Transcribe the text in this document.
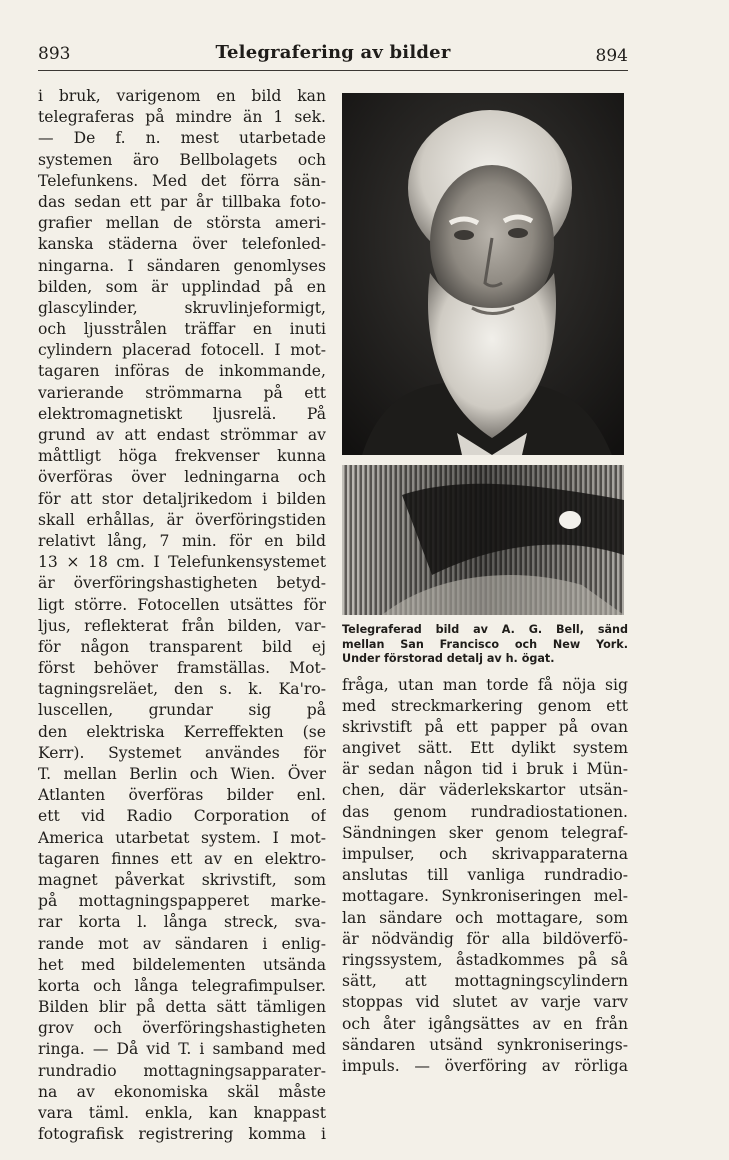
893	Telegrafering av bilder	894
i bruk, varigenom en bild kan
telegraferas på mindre än 1 sek.
— De f. n. mest utarbetade
systemen äro Bellbolagets och
Telefunkens. Med det förra sän-
das sedan ett par år tillbaka foto-
grafier mellan de största ameri-
kanska städerna över telefonled-
ningarna. I sändaren genomlyses
bilden, som är upplindad på en
glascylinder, skruvlinjeformigt,
och ljusstrålen träffar en inuti
cylindern placerad fotocell. I mot-
tagaren införas de inkommande,
varierande strömmarna på ett
elektromagnetiskt ljusrelä. På
grund av att endast strömmar av
måttligt höga frekvenser kunna
överföras över ledningarna och
för att stor detaljrikedom i bilden
skall erhållas, är överföringstiden
relativt lång, 7 min. för en bild
13 × 18 cm. I Telefunkensystemet
är överföringshastigheten betyd-
ligt större. Fotocellen utsättes för
ljus, reflekterat från bilden, var-
för någon transparent bild ej
först behöver framställas. Mot-
tagningsreläet, den s. k. Ka'ro-
luscellen, grundar sig på
den elektriska Kerreffekten (se
Kerr). Systemet användes för
T. mellan Berlin och Wien. Över
Atlanten överföras bilder enl.
ett vid Radio Corporation of
America utarbetat system. I mot-
tagaren finnes ett av en elektro-
magnet påverkat skrivstift, som
på mottagningspapperet marke-
rar korta l. långa streck, sva-
rande mot av sändaren i enlig-
het med bildelementen utsända
korta och långa telegrafimpulser.
Bilden blir på detta sätt tämligen
grov och överföringshastigheten
ringa. — Då vid T. i samband med
rundradio mottagningsapparater-
na av ekonomiska skäl måste
vara täml. enkla, kan knappast
fotografisk registrering komma i
Telegraferad bild av A. G. Bell, sänd
mellan San Francisco och New York.
Under förstorad detalj av h. ögat.
fråga, utan man torde få nöja sig
med streckmarkering genom ett
skrivstift på ett papper på ovan
angivet sätt. Ett dylikt system
är sedan någon tid i bruk i Mün-
chen, där väderlekskartor utsän-
das genom rundradiostationen.
Sändningen sker genom telegraf-
impulser, och skrivapparaterna
anslutas till vanliga rundradio-
mottagare. Synkroniseringen mel-
lan sändare och mottagare, som
är nödvändig för alla bildöverfö-
ringssystem, åstadkommes på så
sätt, att mottagningscylindern
stoppas vid slutet av varje varv
och åter igångsättes av en från
sändaren utsänd synkroniserings-
impuls. — överföring av rörliga
